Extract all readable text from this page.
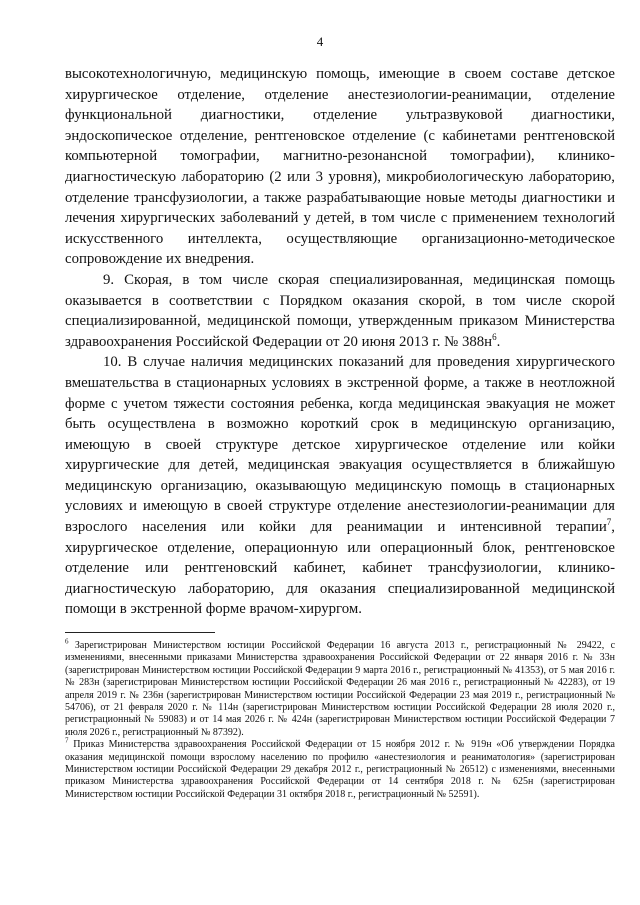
4

высокотехнологичную, медицинскую помощь, имеющие в своем составе детское хирургическое отделение, отделение анестезиологии-реанимации, отделение функциональной диагностики, отделение ультразвуковой диагностики, эндоскопическое отделение, рентгеновское отделение (с кабинетами рентгеновской компьютерной томографии, магнитно-резонансной томографии), клинико-диагностическую лабораторию (2 или 3 уровня), микробиологическую лабораторию, отделение трансфузиологии, а также разрабатывающие новые методы диагностики и лечения хирургических заболеваний у детей, в том числе с применением технологий искусственного интеллекта, осуществляющие организационно-методическое сопровождение их внедрения.

9. Скорая, в том числе скорая специализированная, медицинская помощь оказывается в соответствии с Порядком оказания скорой, в том числе скорой специализированной, медицинской помощи, утвержденным приказом Министерства здравоохранения Российской Федерации от 20 июня 2013 г. № $388н^6$.

10. В случае наличия медицинских показаний для проведения хирургического вмешательства в стационарных условиях в экстренной форме, а также в неотложной форме с учетом тяжести состояния ребенка, когда медицинская эвакуация не может быть осуществлена в возможно короткий срок в медицинскую организацию, имеющую в своей структуре детское хирургическое отделение или койки хирургические для детей, медицинская эвакуация осуществляется в ближайшую медицинскую организацию, оказывающую медицинскую помощь в стационарных условиях и имеющую в своей структуре отделение анестезиологии-реанимации для взрослого населения или койки для реанимации и интенсивной терапии$^7$, хирургическое отделение, операционную или операционный блок, рентгеновское отделение или рентгеновский кабинет, кабинет трансфузиологии, клинико-диагностическую лабораторию, для оказания специализированной медицинской помощи в экстренной форме врачом-хирургом.

$^6$ Зарегистрирован Министерством юстиции Российской Федерации 16 августа 2013 г., регистрационный № 29422, с изменениями, внесенными приказами Министерства здравоохранения Российской Федерации от 22 января 2016 г. № 33н (зарегистрирован Министерством юстиции Российской Федерации 9 марта 2016 г., регистрационный № 41353), от 5 мая 2016 г. № 283н (зарегистрирован Министерством юстиции Российской Федерации 26 мая 2016 г., регистрационный № 42283), от 19 апреля 2019 г. № 236н (зарегистрирован Министерством юстиции Российской Федерации 23 мая 2019 г., регистрационный № 54706), от 21 февраля 2020 г. № 114н (зарегистрирован Министерством юстиции Российской Федерации 28 июля 2020 г., регистрационный № 59083) и от 14 мая 2026 г. № 424н (зарегистрирован Министерством юстиции Российской Федерации 7 июля 2026 г., регистрационный № 87392).

$^7$ Приказ Министерства здравоохранения Российской Федерации от 15 ноября 2012 г. № 919н «Об утверждении Порядка оказания медицинской помощи взрослому населению по профилю «анестезиология и реаниматология» (зарегистрирован Министерством юстиции Российской Федерации 29 декабря 2012 г., регистрационный № 26512) с изменениями, внесенными приказом Министерства здравоохранения Российской Федерации от 14 сентября 2018 г. № 625н (зарегистрирован Министерством юстиции Российской Федерации 31 октября 2018 г., регистрационный № 52591).
